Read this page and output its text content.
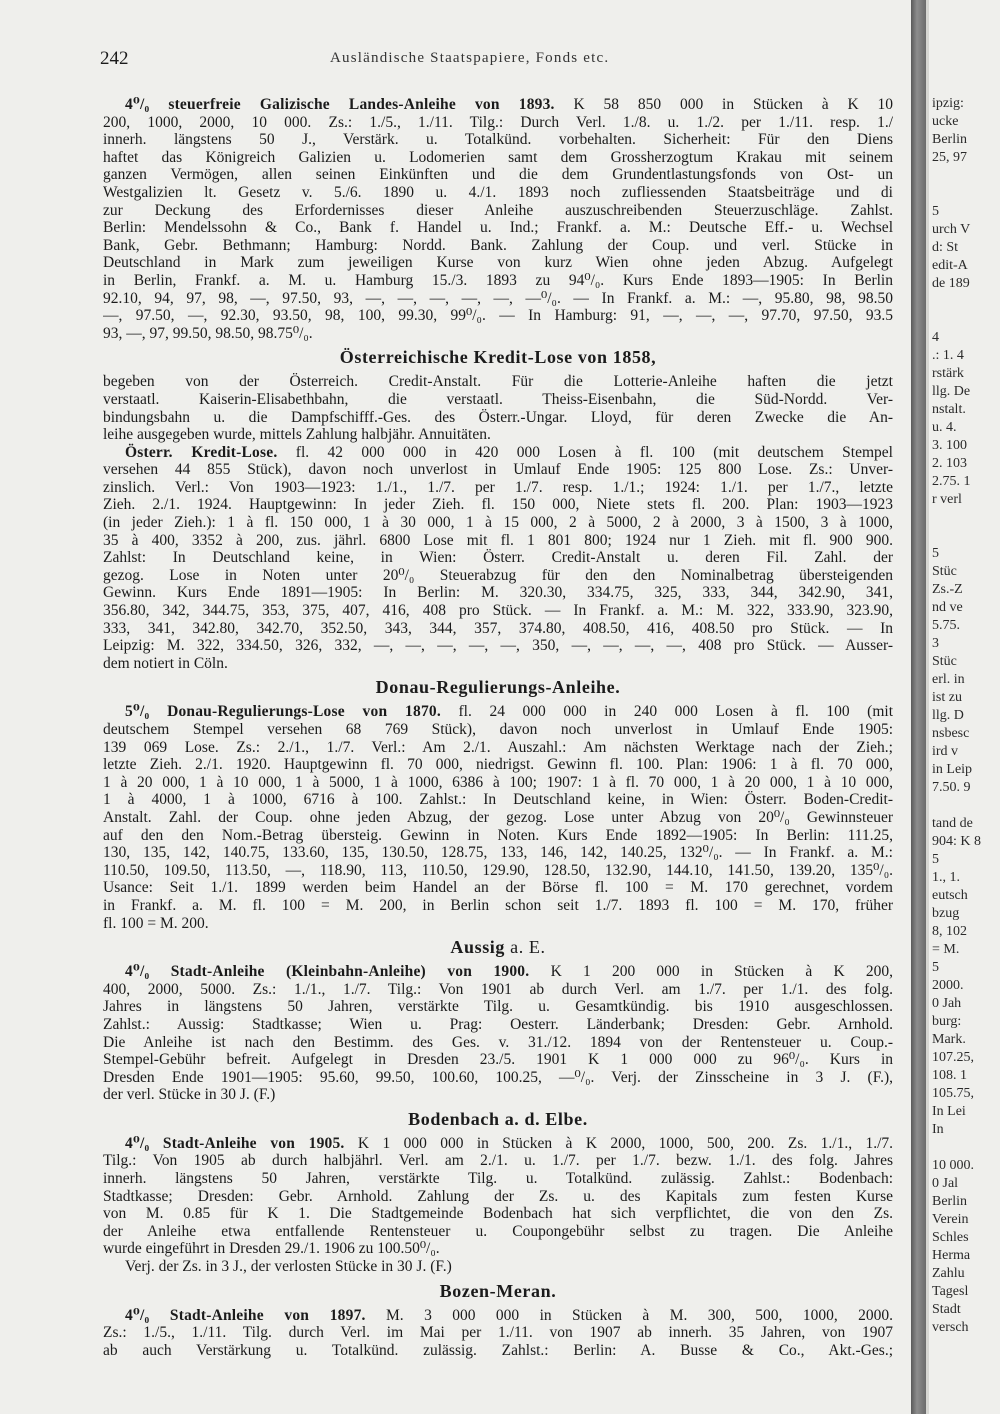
242	Ausländische Staatspapiere, Fonds etc.
4⁰/₀ steuerfreie Galizische Landes-Anleihe von 1893. K 58 850 000 in Stücken à K 10
200, 1000, 2000, 10 000. Zs.: 1./5., 1./11. Tilg.: Durch Verl. 1./8. u. 1./2. per 1./11. resp. 1./
innerh. längstens 50 J., Verstärk. u. Totalkünd. vorbehalten. Sicherheit: Für den Diens
haftet das Königreich Galizien u. Lodomerien samt dem Grossherzogtum Krakau mit seinem
ganzen Vermögen, allen seinen Einkünften und die dem Grundentlastungsfonds von Ost- un
Westgalizien lt. Gesetz v. 5./6. 1890 u. 4./1. 1893 noch zufliessenden Staatsbeiträge und di
zur Deckung des Erfordernisses dieser Anleihe auszuschreibenden Steuerzuschläge. Zahlst.
Berlin: Mendelssohn & Co., Bank f. Handel u. Ind.; Frankf. a. M.: Deutsche Eff.- u. Wechsel
Bank, Gebr. Bethmann; Hamburg: Nordd. Bank. Zahlung der Coup. und verl. Stücke in
Deutschland in Mark zum jeweiligen Kurse von kurz Wien ohne jeden Abzug. Aufgelegt
in Berlin, Frankf. a. M. u. Hamburg 15./3. 1893 zu 94⁰/₀. Kurs Ende 1893—1905: In Berlin
92.10, 94, 97, 98, —, 97.50, 93, —, —, —, —, —, —⁰/₀. — In Frankf. a. M.: —, 95.80, 98, 98.50
—, 97.50, —, 92.30, 93.50, 98, 100, 99.30, 99⁰/₀. — In Hamburg: 91, —, —, —, 97.70, 97.50, 93.5
93, —, 97, 99.50, 98.50, 98.75⁰/₀.
Österreichische Kredit-Lose von 1858,
begeben von der Österreich. Credit-Anstalt. Für die Lotterie-Anleihe haften die jetzt
verstaatl. Kaiserin-Elisabethbahn, die verstaatl. Theiss-Eisenbahn, die Süd-Nordd. Ver-
bindungsbahn u. die Dampfschifff.-Ges. des Österr.-Ungar. Lloyd, für deren Zwecke die An-
leihe ausgegeben wurde, mittels Zahlung halbjähr. Annuitäten.
Österr. Kredit-Lose. fl. 42 000 000 in 420 000 Losen à fl. 100 (mit deutschem Stempel
versehen 44 855 Stück), davon noch unverlost in Umlauf Ende 1905: 125 800 Lose. Zs.: Unver-
zinslich. Verl.: Von 1903—1923: 1./1., 1./7. per 1./7. resp. 1./1.; 1924: 1./1. per 1./7., letzte
Zieh. 2./1. 1924. Hauptgewinn: In jeder Zieh. fl. 150 000, Niete stets fl. 200. Plan: 1903—1923
(in jeder Zieh.): 1 à fl. 150 000, 1 à 30 000, 1 à 15 000, 2 à 5000, 2 à 2000, 3 à 1500, 3 à 1000,
35 à 400, 3352 à 200, zus. jährl. 6800 Lose mit fl. 1 801 800; 1924 nur 1 Zieh. mit fl. 900 900.
Zahlst: In Deutschland keine, in Wien: Österr. Credit-Anstalt u. deren Fil. Zahl. der
gezog. Lose in Noten unter 20⁰/₀ Steuerabzug für den den Nominalbetrag übersteigenden
Gewinn. Kurs Ende 1891—1905: In Berlin: M. 320.30, 334.75, 325, 333, 344, 342.90, 341,
356.80, 342, 344.75, 353, 375, 407, 416, 408 pro Stück. — In Frankf. a. M.: M. 322, 333.90, 323.90,
333, 341, 342.80, 342.70, 352.50, 343, 344, 357, 374.80, 408.50, 416, 408.50 pro Stück. — In
Leipzig: M. 322, 334.50, 326, 332, —, —, —, —, —, 350, —, —, —, —, 408 pro Stück. — Ausser-
dem notiert in Cöln.
Donau-Regulierungs-Anleihe.
5⁰/₀ Donau-Regulierungs-Lose von 1870. fl. 24 000 000 in 240 000 Losen à fl. 100 (mit
deutschem Stempel versehen 68 769 Stück), davon noch unverlost in Umlauf Ende 1905:
139 069 Lose. Zs.: 2./1., 1./7. Verl.: Am 2./1. Auszahl.: Am nächsten Werktage nach der Zieh.;
letzte Zieh. 2./1. 1920. Hauptgewinn fl. 70 000, niedrigst. Gewinn fl. 100. Plan: 1906: 1 à fl. 70 000,
1 à 20 000, 1 à 10 000, 1 à 5000, 1 à 1000, 6386 à 100; 1907: 1 à fl. 70 000, 1 à 20 000, 1 à 10 000,
1 à 4000, 1 à 1000, 6716 à 100. Zahlst.: In Deutschland keine, in Wien: Österr. Boden-Credit-
Anstalt. Zahl. der Coup. ohne jeden Abzug, der gezog. Lose unter Abzug von 20⁰/₀ Gewinnsteuer
auf den den Nom.-Betrag übersteig. Gewinn in Noten. Kurs Ende 1892—1905: In Berlin: 111.25,
130, 135, 142, 140.75, 133.60, 135, 130.50, 128.75, 133, 146, 142, 140.25, 132⁰/₀. — In Frankf. a. M.:
110.50, 109.50, 113.50, —, 118.90, 113, 110.50, 129.90, 128.50, 132.90, 144.10, 141.50, 139.20, 135⁰/₀.
Usance: Seit 1./1. 1899 werden beim Handel an der Börse fl. 100 = M. 170 gerechnet, vordem
in Frankf. a. M. fl. 100 = M. 200, in Berlin schon seit 1./7. 1893 fl. 100 = M. 170, früher
fl. 100 = M. 200.
Aussig a. E.
4⁰/₀ Stadt-Anleihe (Kleinbahn-Anleihe) von 1900. K 1 200 000 in Stücken à K 200,
400, 2000, 5000. Zs.: 1./1., 1./7. Tilg.: Von 1901 ab durch Verl. am 1./7. per 1./1. des folg.
Jahres in längstens 50 Jahren, verstärkte Tilg. u. Gesamtkündig. bis 1910 ausgeschlossen.
Zahlst.: Aussig: Stadtkasse; Wien u. Prag: Oesterr. Länderbank; Dresden: Gebr. Arnhold.
Die Anleihe ist nach den Bestimm. des Ges. v. 31./12. 1894 von der Rentensteuer u. Coup.-
Stempel-Gebühr befreit. Aufgelegt in Dresden 23./5. 1901 K 1 000 000 zu 96⁰/₀. Kurs in
Dresden Ende 1901—1905: 95.60, 99.50, 100.60, 100.25, —⁰/₀. Verj. der Zinsscheine in 3 J. (F.),
der verl. Stücke in 30 J. (F.)
Bodenbach a. d. Elbe.
4⁰/₀ Stadt-Anleihe von 1905. K 1 000 000 in Stücken à K 2000, 1000, 500, 200. Zs. 1./1., 1./7.
Tilg.: Von 1905 ab durch halbjährl. Verl. am 2./1. u. 1./7. per 1./7. bezw. 1./1. des folg. Jahres
innerh. längstens 50 Jahren, verstärkte Tilg. u. Totalkünd. zulässig. Zahlst.: Bodenbach:
Stadtkasse; Dresden: Gebr. Arnhold. Zahlung der Zs. u. des Kapitals zum festen Kurse
von M. 0.85 für K 1. Die Stadtgemeinde Bodenbach hat sich verpflichtet, die von den Zs.
der Anleihe etwa entfallende Rentensteuer u. Coupongebühr selbst zu tragen. Die Anleihe
wurde eingeführt in Dresden 29./1. 1906 zu 100.50⁰/₀.
Verj. der Zs. in 3 J., der verlosten Stücke in 30 J. (F.)
Bozen-Meran.
4⁰/₀ Stadt-Anleihe von 1897. M. 3 000 000 in Stücken à M. 300, 500, 1000, 2000.
Zs.: 1./5., 1./11. Tilg. durch Verl. im Mai per 1./11. von 1907 ab innerh. 35 Jahren, von 1907
ab auch Verstärkung u. Totalkünd. zulässig. Zahlst.: Berlin: A. Busse & Co., Akt.-Ges.;
ipzig:
ucke
Berlin
25, 97
5
urch V
d: St
edit-A
de 189
4
.: 1. 4
rstärk
llg. De
nstalt.
u. 4.
3. 100
2. 103
2.75. 1
r verl
5
Stüc
Zs.-Z
nd ve
5.75.
3
Stüc
erl. in
ist zu
llg. D
nsbesc
ird v
in Leip
7.50. 9
tand de
904: K 8
5
1., 1.
eutsch
bzug
8, 102
= M.
5
2000.
0 Jah
burg:
Mark.
107.25,
108. 1
105.75,
In Lei
In
10 000.
0 Jal
Berlin
Verein
Schles
Herma
Zahlu
Tagesl
Stadt
versch
